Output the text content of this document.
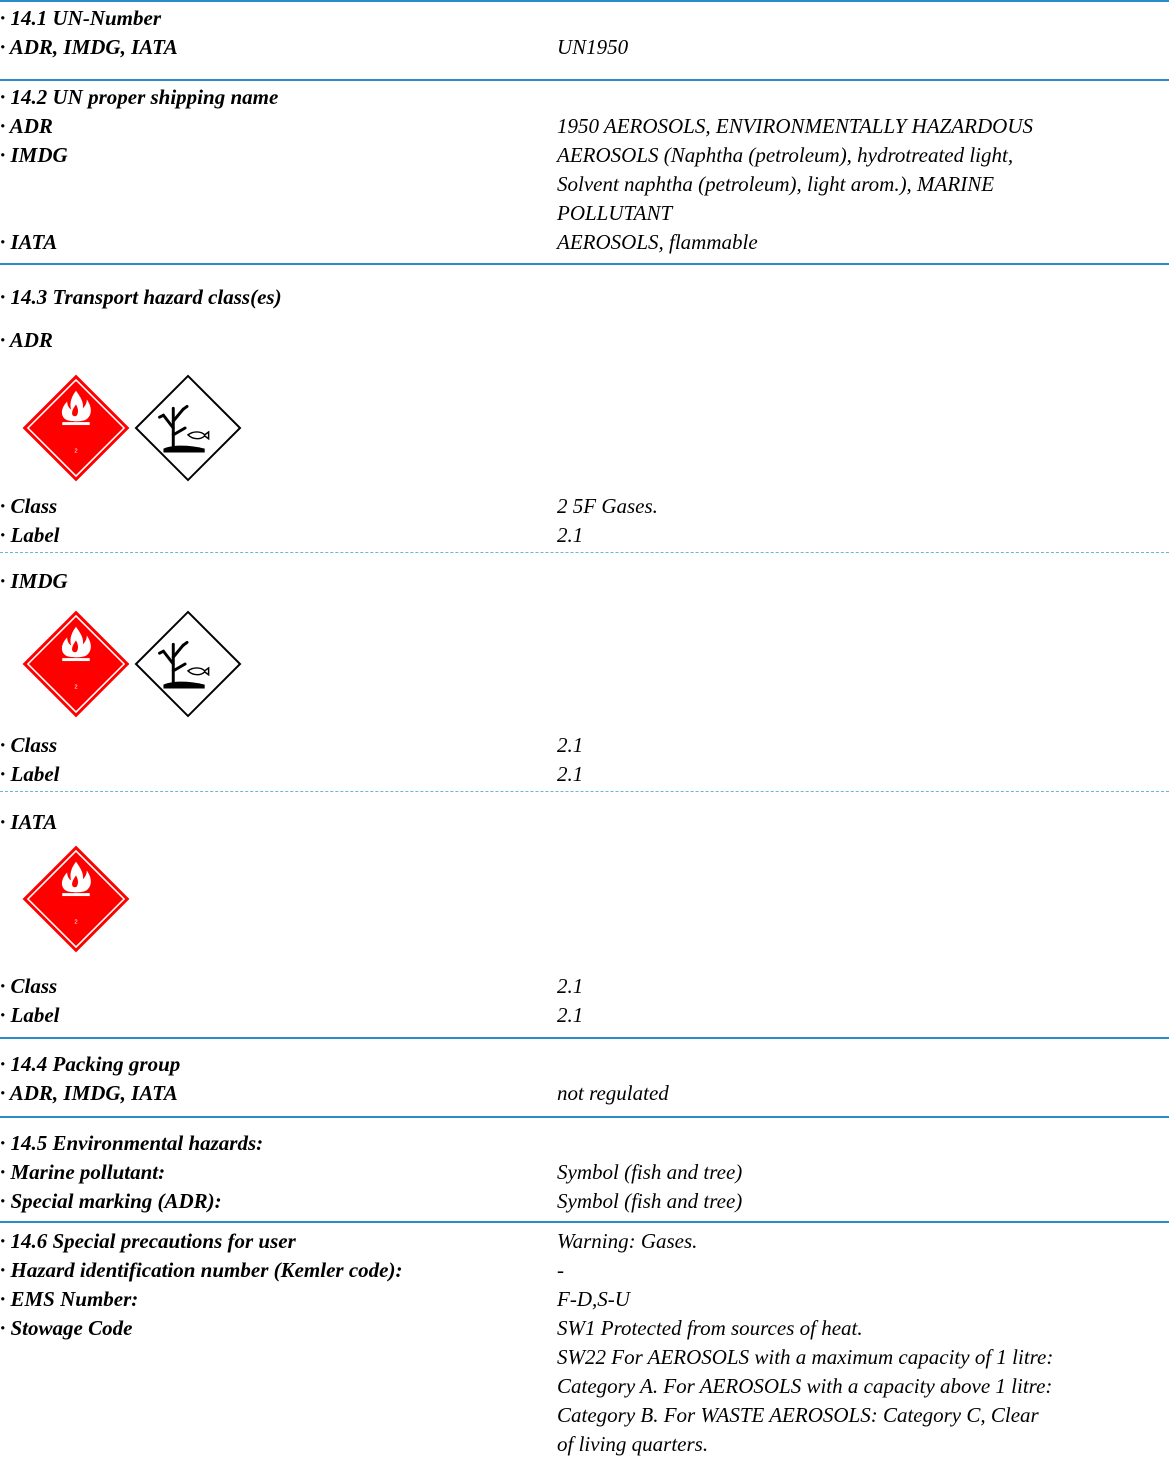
· 14.1 UN-Number
· ADR, IMDG, IATA	UN1950
· 14.2 UN proper shipping name
· ADR	1950 AEROSOLS, ENVIRONMENTALLY HAZARDOUS
· IMDG	AEROSOLS (Naphtha (petroleum), hydrotreated light,
Solvent naphtha (petroleum), light arom.), MARINE
POLLUTANT
· IATA	AEROSOLS, flammable
· 14.3 Transport hazard class(es)
· ADR
· Class	2 5F Gases.
· Label	2.1
· IMDG
· Class	2.1
· Label	2.1
· IATA
· Class	2.1
· Label	2.1
· 14.4 Packing group
· ADR, IMDG, IATA	not regulated
· 14.5 Environmental hazards:
· Marine pollutant:	Symbol (fish and tree)
· Special marking (ADR):	Symbol (fish and tree)
· 14.6 Special precautions for user	Warning: Gases.
· Hazard identification number (Kemler code):	-
· EMS Number:	F-D,S-U
· Stowage Code	SW1 Protected from sources of heat.
SW22 For AEROSOLS with a maximum capacity of 1 litre:
Category A. For AEROSOLS with a capacity above 1 litre:
Category B. For WASTE AEROSOLS: Category C, Clear
of living quarters.
